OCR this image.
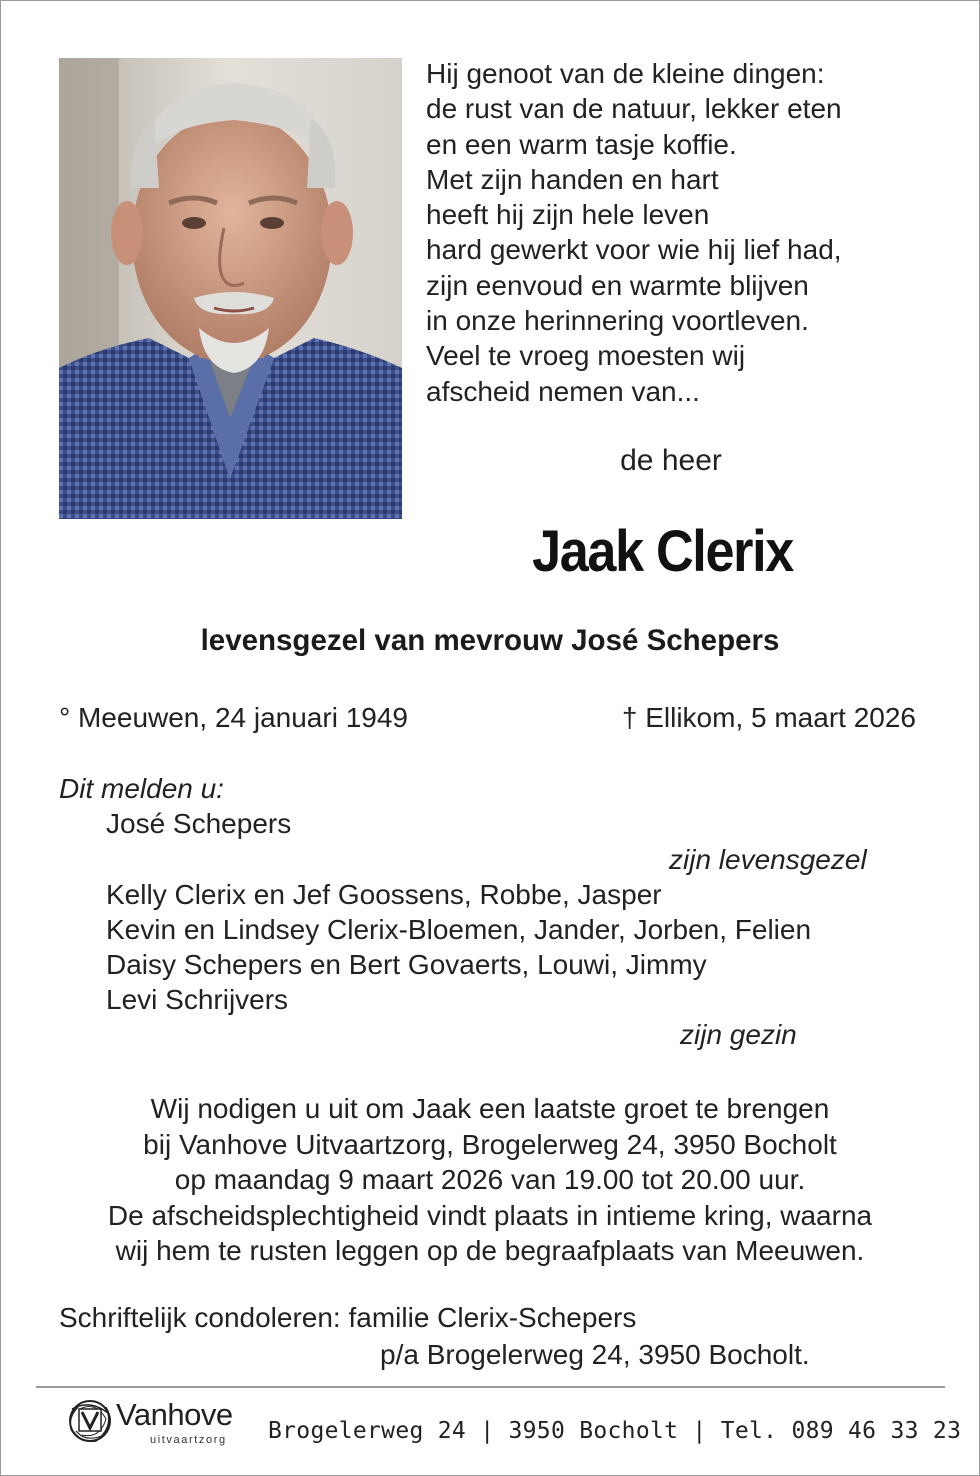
Hij genoot van de kleine dingen:
de rust van de natuur, lekker eten
en een warm tasje koffie.
Met zijn handen en hart
heeft hij zijn hele leven
hard gewerkt voor wie hij lief had,
zijn eenvoud en warmte blijven
in onze herinnering voortleven.
Veel te vroeg moesten wij
afscheid nemen van...
de heer
Jaak Clerix
levensgezel van mevrouw José Schepers
° Meeuwen, 24 januari 1949	† Ellikom, 5 maart 2026
Dit melden u:
José Schepers
zijn levensgezel
Kelly Clerix en Jef Goossens, Robbe, Jasper
Kevin en Lindsey Clerix-Bloemen, Jander, Jorben, Felien
Daisy Schepers en Bert Govaerts, Louwi, Jimmy
Levi Schrijvers
zijn gezin
Wij nodigen u uit om Jaak een laatste groet te brengen
bij Vanhove Uitvaartzorg, Brogelerweg 24, 3950 Bocholt
op maandag 9 maart 2026 van 19.00 tot 20.00 uur.
De afscheidsplechtigheid vindt plaats in intieme kring, waarna
wij hem te rusten leggen op de begraafplaats van Meeuwen.
Schriftelijk condoleren: familie Clerix-Schepers
p/a Brogelerweg 24, 3950 Bocholt.
Vanhove
uitvaartzorg Brogelerweg 24 | 3950 Bocholt | Tel. 089 46 33 23
